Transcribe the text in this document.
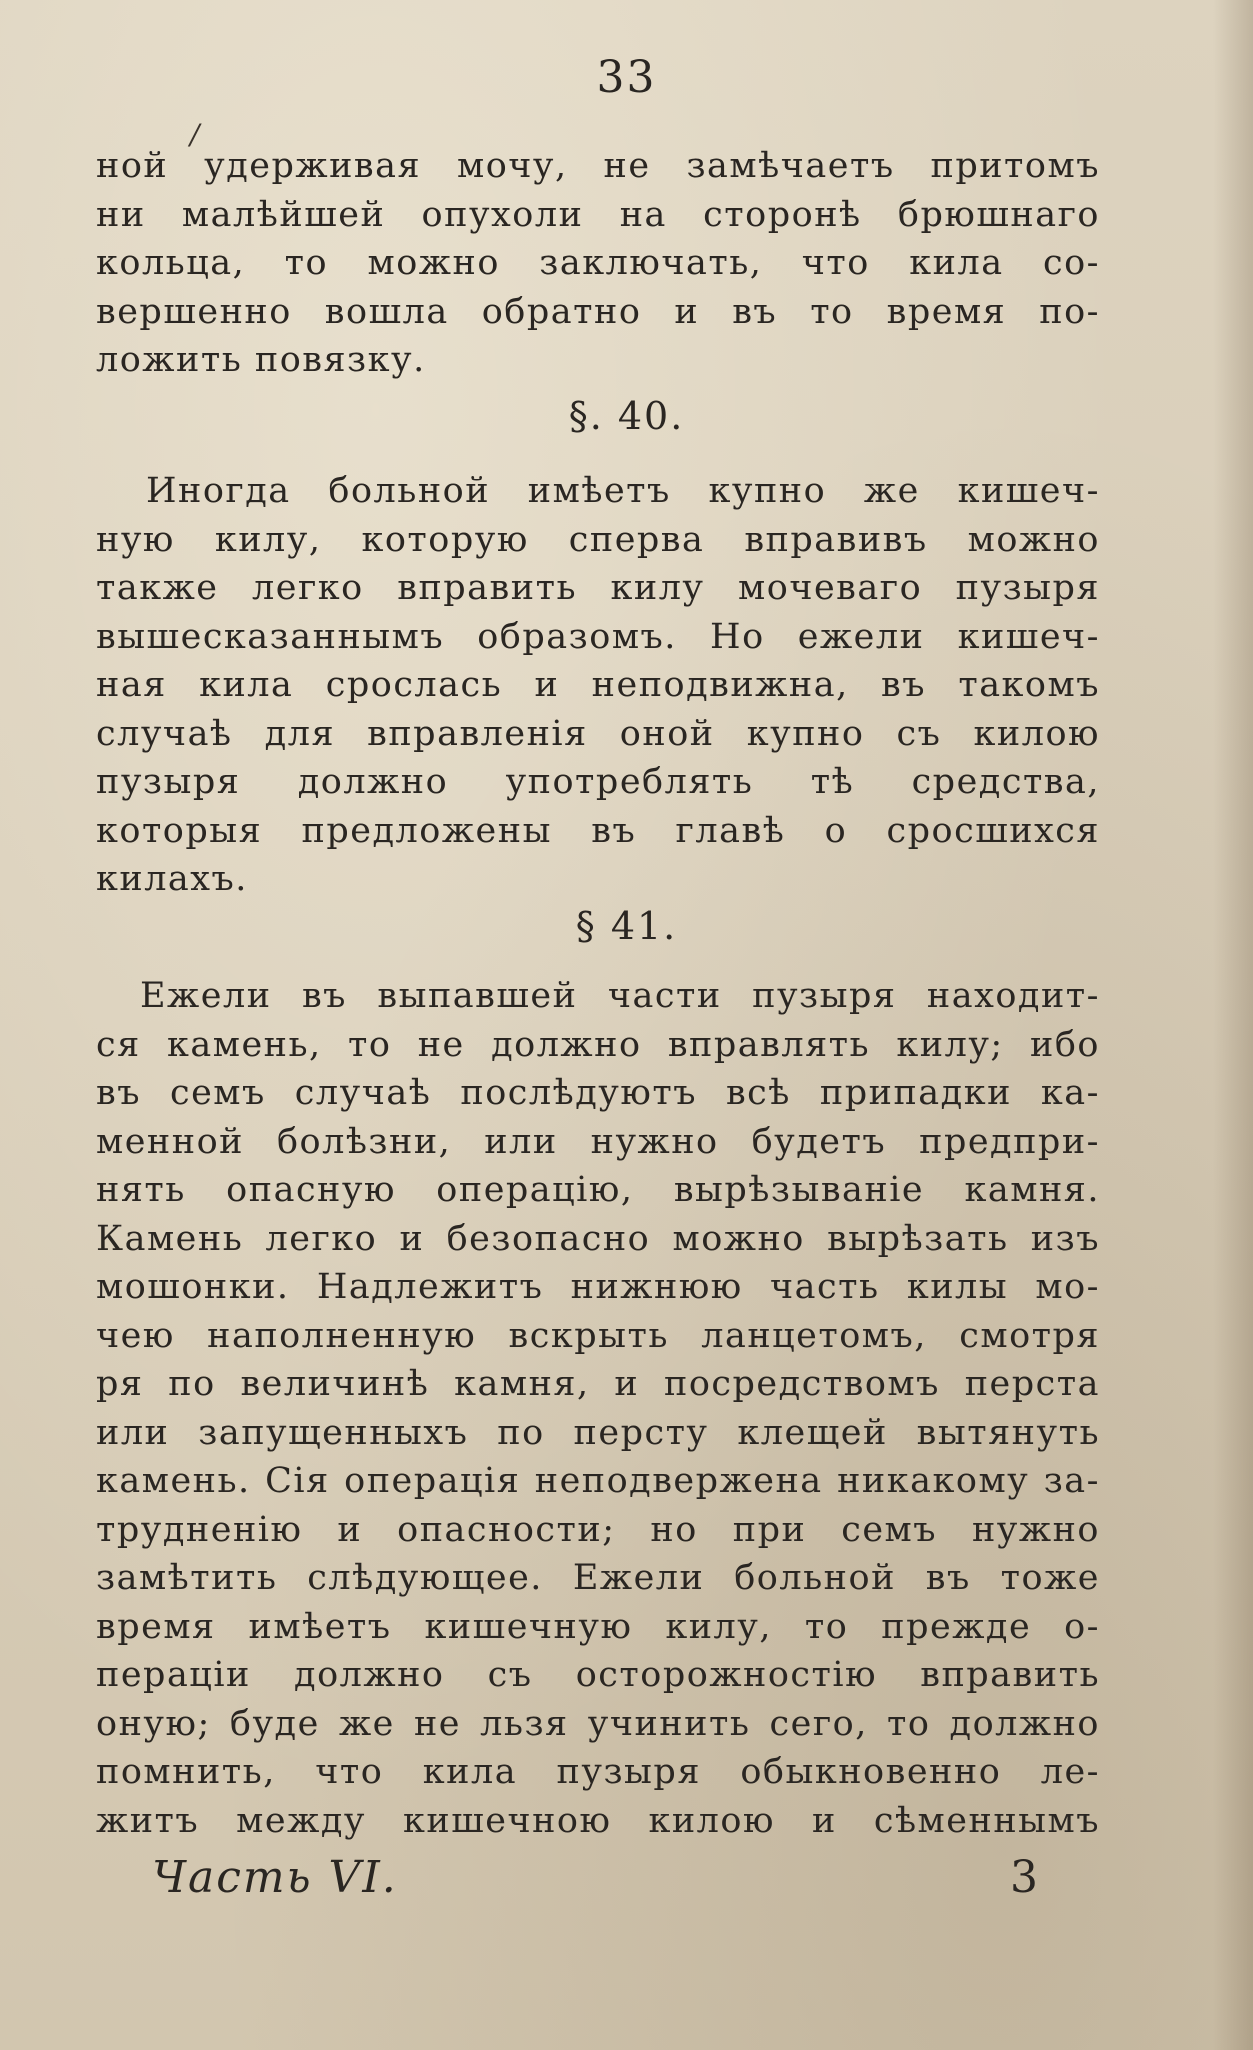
33
/
ной удерживая мочу, не замѣчаетъ притомъ
ни малѣйшей опухоли на сторонѣ брюшнаго
кольца, то можно заключать, что кила со-
вершенно вошла обратно и въ то время по-
ложить повязку.
§. 40.
Иногда больной имѣетъ купно же кишеч-
ную килу, которую сперва вправивъ можно
также легко вправить килу мочеваго пузыря
вышесказаннымъ образомъ. Но ежели кишеч-
ная кила срослась и неподвижна, въ такомъ
случаѣ для вправленія оной купно съ килою
пузыря должно употреблять тѣ средства,
которыя предложены въ главѣ о сросшихся
килахъ.
§ 41.
Ежели въ выпавшей части пузыря находит-
ся камень, то не должно вправлять килу; ибо
въ семъ случаѣ послѣдуютъ всѣ припадки ка-
менной болѣзни, или нужно будетъ предпри-
нять опасную операцію, вырѣзываніе камня.
Камень легко и безопасно можно вырѣзать изъ
мошонки. Надлежитъ нижнюю часть килы мо-
чею наполненную вскрыть ланцетомъ, смотря
ря по величинѣ камня, и посредствомъ перста
или запущенныхъ по персту клещей вытянуть
камень. Сія операція неподвержена никакому за-
трудненію и опасности; но при семъ нужно
замѣтить слѣдующее. Ежели больной въ тоже
время имѣетъ кишечную килу, то прежде о-
пераціи должно съ осторожностію вправить
оную; буде же не льзя учинить сего, то должно
помнить, что кила пузыря обыкновенно ле-
житъ между кишечною килою и сѣменнымъ
Часть VI.	3
